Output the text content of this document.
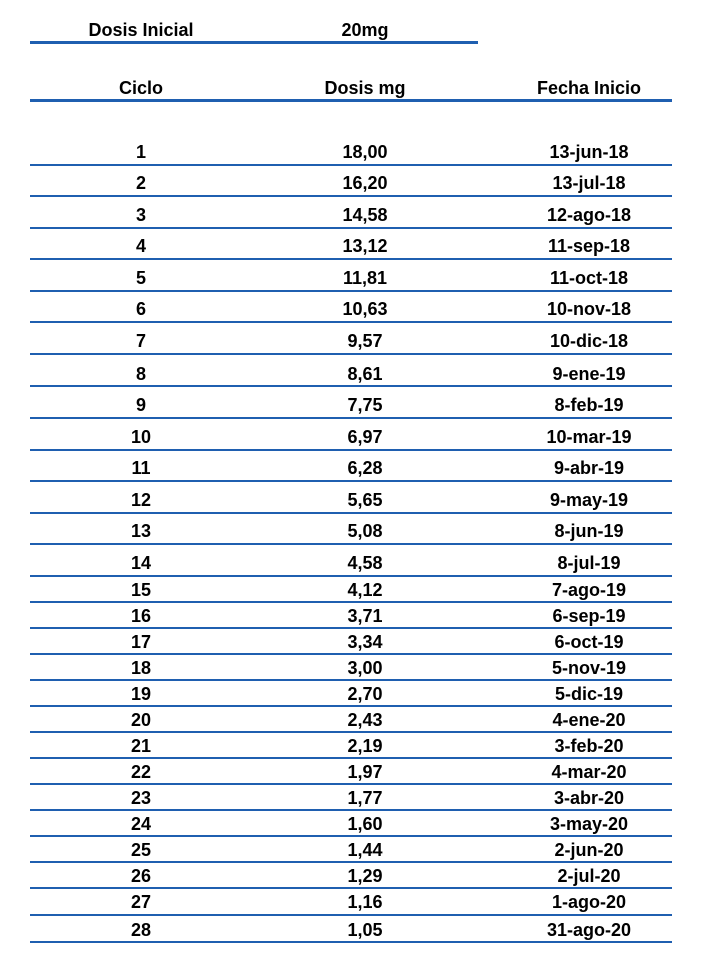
Dosis Inicial	20mg
Ciclo	Dosis mg	Fecha Inicio
1	18,00	13-jun-18
2	16,20	13-jul-18
3	14,58	12-ago-18
4	13,12	11-sep-18
5	11,81	11-oct-18
6	10,63	10-nov-18
7	9,57	10-dic-18
8	8,61	9-ene-19
9	7,75	8-feb-19
10	6,97	10-mar-19
11	6,28	9-abr-19
12	5,65	9-may-19
13	5,08	8-jun-19
14	4,58	8-jul-19
15	4,12	7-ago-19
16	3,71	6-sep-19
17	3,34	6-oct-19
18	3,00	5-nov-19
19	2,70	5-dic-19
20	2,43	4-ene-20
21	2,19	3-feb-20
22	1,97	4-mar-20
23	1,77	3-abr-20
24	1,60	3-may-20
25	1,44	2-jun-20
26	1,29	2-jul-20
27	1,16	1-ago-20
28	1,05	31-ago-20
